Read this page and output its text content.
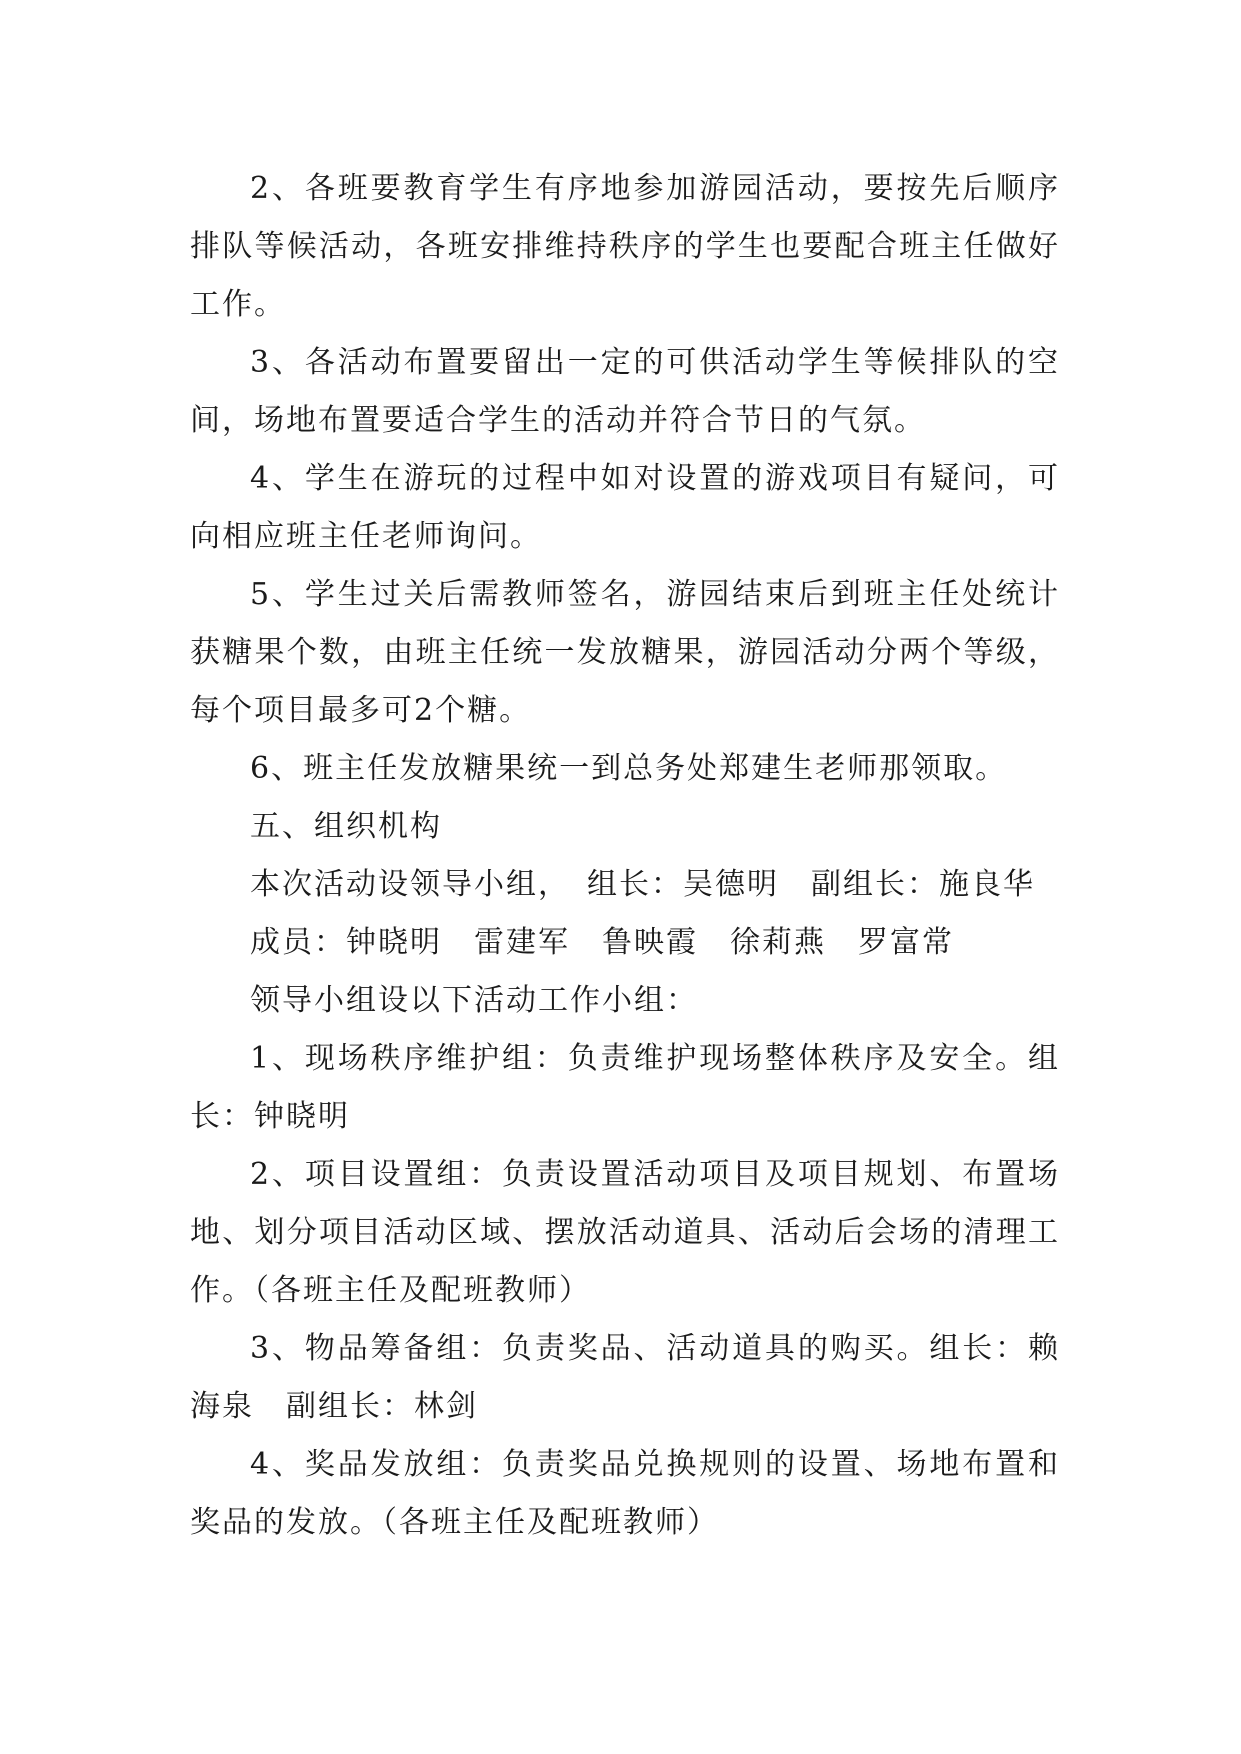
2、各班要教育学生有序地参加游园活动，要按先后顺序排队等候活动，各班安排维持秩序的学生也要配合班主任做好工作。

3、各活动布置要留出一定的可供活动学生等候排队的空间，场地布置要适合学生的活动并符合节日的气氛。

4、学生在游玩的过程中如对设置的游戏项目有疑问，可向相应班主任老师询问。

5、学生过关后需教师签名，游园结束后到班主任处统计获糖果个数，由班主任统一发放糖果，游园活动分两个等级，每个项目最多可2个糖。

6、班主任发放糖果统一到总务处郑建生老师那领取。

五、组织机构

本次活动设领导小组，　组长：吴德明　副组长：施良华

成员：钟晓明　雷建军　鲁映霞　徐莉燕　罗富常

领导小组设以下活动工作小组：

1、现场秩序维护组：负责维护现场整体秩序及安全。组长：钟晓明

2、项目设置组：负责设置活动项目及项目规划、布置场地、划分项目活动区域、摆放活动道具、活动后会场的清理工作。（各班主任及配班教师）

3、物品筹备组：负责奖品、活动道具的购买。组长：赖海泉　副组长：林剑

4、奖品发放组：负责奖品兑换规则的设置、场地布置和奖品的发放。（各班主任及配班教师）
